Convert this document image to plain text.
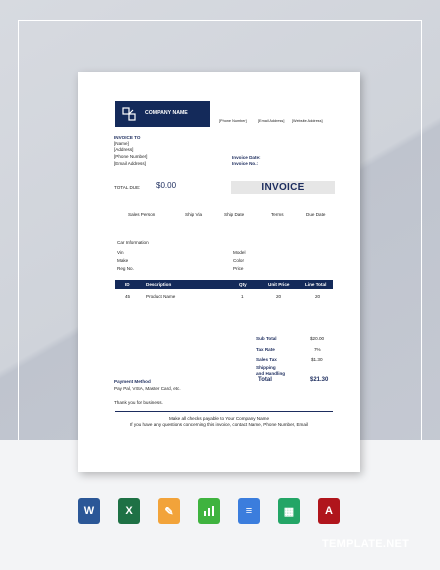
COMPANY NAME
[Phone Number]	[Email Address] [Website Address]
INVOICE TO
[Name]
[Address]
[Phone Number]
[Email Address]
Invoice Date:
Invoice No.:
TOTAL DUE: $0.00	INVOICE
Sales Person	Ship Via	Ship Date	Terms	Due Date
Car Information
Vin
Make
Reg No.
Model
Color
Price
ID	Description	Qty	Unit Price	Line Total
45	Product Name	1	20	20
Sub Total	$20.00
Tax Rate	7%
Sales Tax	$1.30
Shipping
and Handling
Total	$21.30
Payment Method
Pay Pal, VISA, Master Card, etc.
Thank you for business.
Make all checks payable to Your Company Name
If you have any questions concerning this invoice, contact Name, Phone Number, Email
W	X	✎	≡	▦	A
TEMPLATE.NET
